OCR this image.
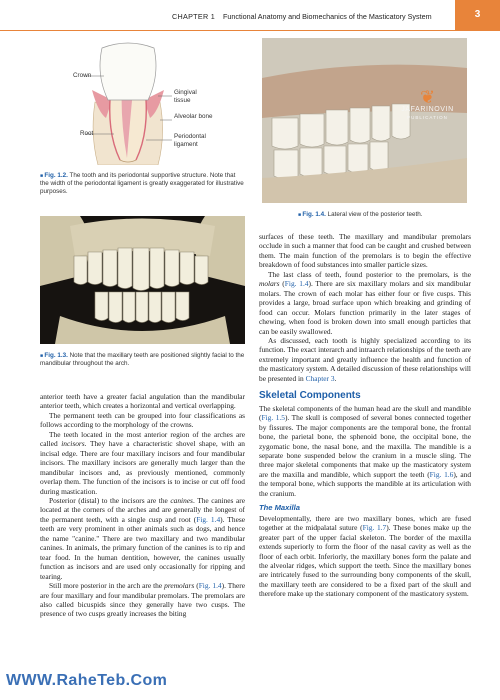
CHAPTER 1 Functional Anatomy and Biomechanics of the Masticatory System	3
Crown
Root
Gingival tissue
Alveolar bone
Periodontal ligament
■ Fig. 1.2. The tooth and its periodontal supportive structure. Note that the width of the periodontal ligament is greatly exaggerated for illustrative purposes.
❦
JAFARINOVIN
PUBLICATION
■ Fig. 1.4. Lateral view of the posterior teeth.
■ Fig. 1.3. Note that the maxillary teeth are positioned slightly facial to the mandibular throughout the arch.

anterior teeth have a greater facial angulation than the mandibular anterior teeth, which creates a horizontal and vertical overlapping.

The permanent teeth can be grouped into four classifications as follows according to the morphology of the crowns.

The teeth located in the most anterior region of the arches are called incisors. They have a characteristic shovel shape, with an incisal edge. There are four maxillary incisors and four mandibular incisors. The maxillary incisors are generally much larger than the mandibular incisors and, as previously mentioned, commonly overlap them. The function of the incisors is to incise or cut off food during mastication.

Posterior (distal) to the incisors are the canines. The canines are located at the corners of the arches and are generally the longest of the permanent teeth, with a single cusp and root (Fig. 1.4). These teeth are very prominent in other animals such as dogs, and hence the name "canine." There are two maxillary and two mandibular canines. In animals, the primary function of the canines is to rip and tear food. In the human dentition, however, the canines usually function as incisors and are used only occasionally for ripping and tearing.

Still more posterior in the arch are the premolars (Fig. 1.4). There are four maxillary and four mandibular premolars. The premolars are also called bicuspids since they generally have two cusps. The presence of two cusps greatly increases the biting

surfaces of these teeth. The maxillary and mandibular premolars occlude in such a manner that food can be caught and crushed between them. The main function of the premolars is to begin the effective breakdown of food substances into smaller particle sizes.

The last class of teeth, found posterior to the premolars, is the molars (Fig. 1.4). There are six maxillary molars and six mandibular molars. The crown of each molar has either four or five cusps. This provides a large, broad surface upon which breaking and grinding of food can occur. Molars function primarily in the later stages of chewing, when food is broken down into small enough particles that can be easily swallowed.

As discussed, each tooth is highly specialized according to its function. The exact interarch and intraarch relationships of the teeth are extremely important and greatly influence the health and function of the masticatory system. A detailed discussion of these relationships will be presented in Chapter 3.

Skeletal Components

The skeletal components of the human head are the skull and mandible (Fig. 1.5). The skull is composed of several bones connected together by fissures. The major components are the temporal bone, the frontal bone, the parietal bone, the sphenoid bone, the occipital bone, the zygomatic bone, the nasal bone, and the maxilla. The mandible is a separate bone suspended below the cranium in a muscle sling. The three major skeletal components that make up the masticatory system are the maxilla and mandible, which support the teeth (Fig. 1.6), and the temporal bone, which supports the mandible at its articulation with the cranium.

The Maxilla

Developmentally, there are two maxillary bones, which are fused together at the midpalatal suture (Fig. 1.7). These bones make up the greater part of the upper facial skeleton. The border of the maxilla extends superiorly to form the floor of the nasal cavity as well as the floor of each orbit. Inferiorly, the maxillary bones form the palate and the alveolar ridges, which support the teeth. Since the maxillary bones are intricately fused to the surrounding bony components of the skull, the maxillary teeth are considered to be a fixed part of the skull and therefore make up the stationary component of the masticatory system.

WWW.RaheTeb.Com
